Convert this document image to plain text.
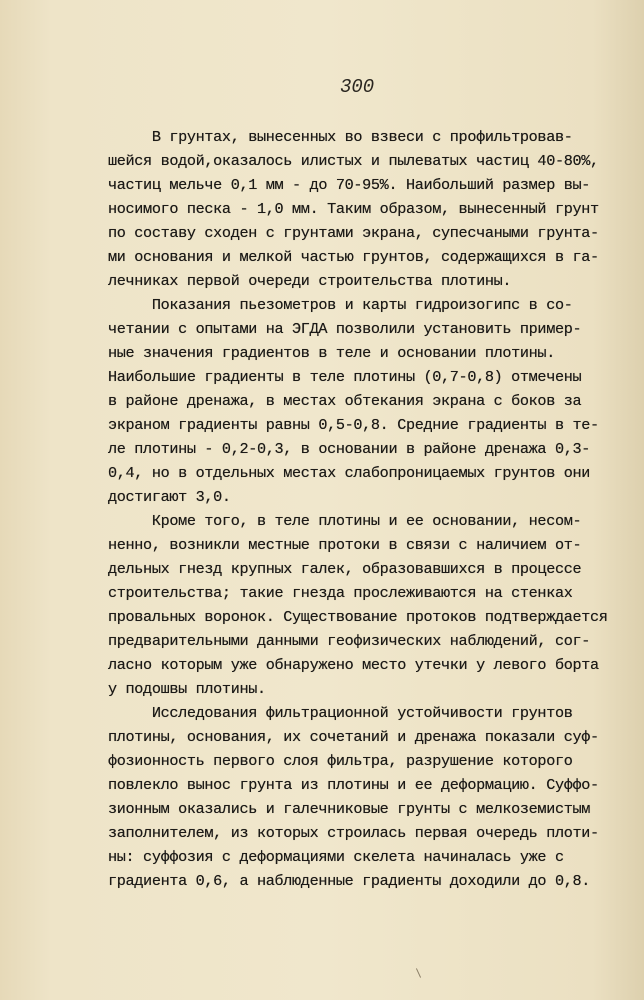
300
В грунтах, вынесенных во взвеси с профильтровав-
шейся водой,оказалось илистых и пылеватых частиц 40-80%,
частиц мельче 0,1 мм - до 70-95%. Наибольший размер вы-
носимого песка - 1,0 мм. Таким образом, вынесенный грунт
по составу сходен с грунтами экрана, супесчаными грунта-
ми основания и мелкой частью грунтов, содержащихся в га-
лечниках первой очереди строительства плотины.
Показания пьезометров и карты гидроизогипс в со-
четании с опытами на ЭГДА позволили установить пример-
ные значения градиентов в теле и основании плотины.
Наибольшие градиенты в теле плотины (0,7-0,8) отмечены
в районе дренажа, в местах обтекания экрана с боков за
экраном градиенты равны 0,5-0,8. Средние градиенты в те-
ле плотины - 0,2-0,3, в основании в районе дренажа 0,3-
0,4, но в отдельных местах слабопроницаемых грунтов они
достигают 3,0.
Кроме того, в теле плотины и ее основании, несом-
ненно, возникли местные протоки в связи с наличием от-
дельных гнезд крупных галек, образовавшихся в процессе
строительства; такие гнезда прослеживаются на стенках
провальных воронок. Существование протоков подтверждается
предварительными данными геофизических наблюдений, сог-
ласно которым уже обнаружено место утечки у левого борта
у подошвы плотины.
Исследования фильтрационной устойчивости грунтов
плотины, основания, их сочетаний и дренажа показали суф-
фозионность первого слоя фильтра, разрушение которого
повлекло вынос грунта из плотины и ее деформацию. Суффо-
зионным оказались и галечниковые грунты с мелкоземистым
заполнителем, из которых строилась первая очередь плоти-
ны: суффозия с деформациями скелета начиналась уже с
градиента 0,6, а наблюденные градиенты доходили до 0,8.
